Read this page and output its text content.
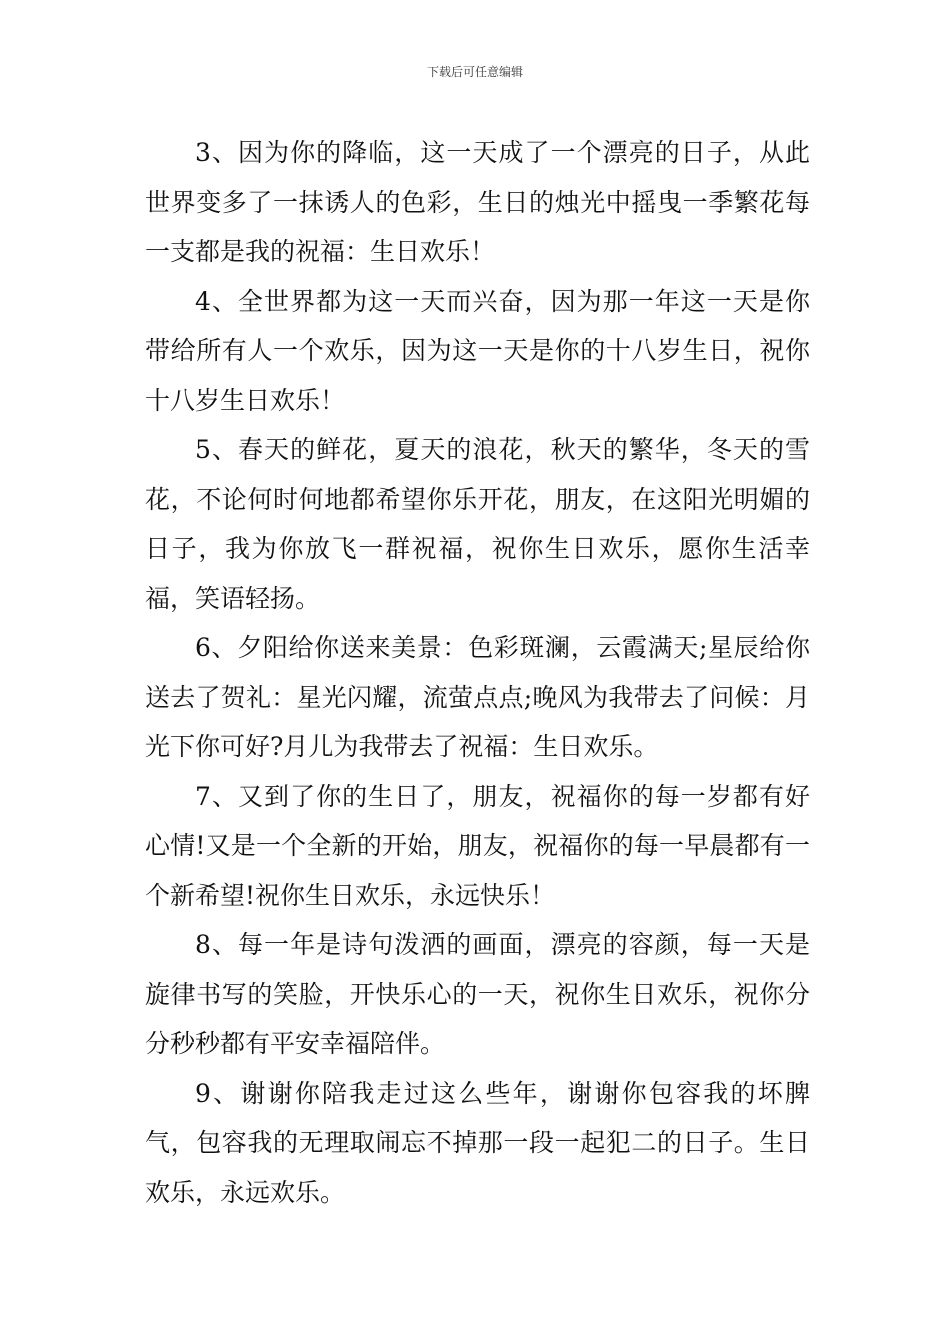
下载后可任意编辑

3、因为你的降临，这一天成了一个漂亮的日子，从此世界变多了一抹诱人的色彩，生日的烛光中摇曳一季繁花每一支都是我的祝福：生日欢乐！

4、全世界都为这一天而兴奋，因为那一年这一天是你带给所有人一个欢乐，因为这一天是你的十八岁生日，祝你十八岁生日欢乐！

5、春天的鲜花，夏天的浪花，秋天的繁华，冬天的雪花，不论何时何地都希望你乐开花，朋友，在这阳光明媚的日子，我为你放飞一群祝福，祝你生日欢乐，愿你生活幸福，笑语轻扬。

6、夕阳给你送来美景：色彩斑澜，云霞满天;星辰给你送去了贺礼：星光闪耀，流萤点点;晚风为我带去了问候：月光下你可好?月儿为我带去了祝福：生日欢乐。

7、又到了你的生日了，朋友，祝福你的每一岁都有好心情!又是一个全新的开始，朋友，祝福你的每一早晨都有一个新希望!祝你生日欢乐，永远快乐！

8、每一年是诗句泼洒的画面，漂亮的容颜，每一天是旋律书写的笑脸，开快乐心的一天，祝你生日欢乐，祝你分分秒秒都有平安幸福陪伴。

9、谢谢你陪我走过这么些年，谢谢你包容我的坏脾气，包容我的无理取闹忘不掉那一段一起犯二的日子。生日欢乐，永远欢乐。
